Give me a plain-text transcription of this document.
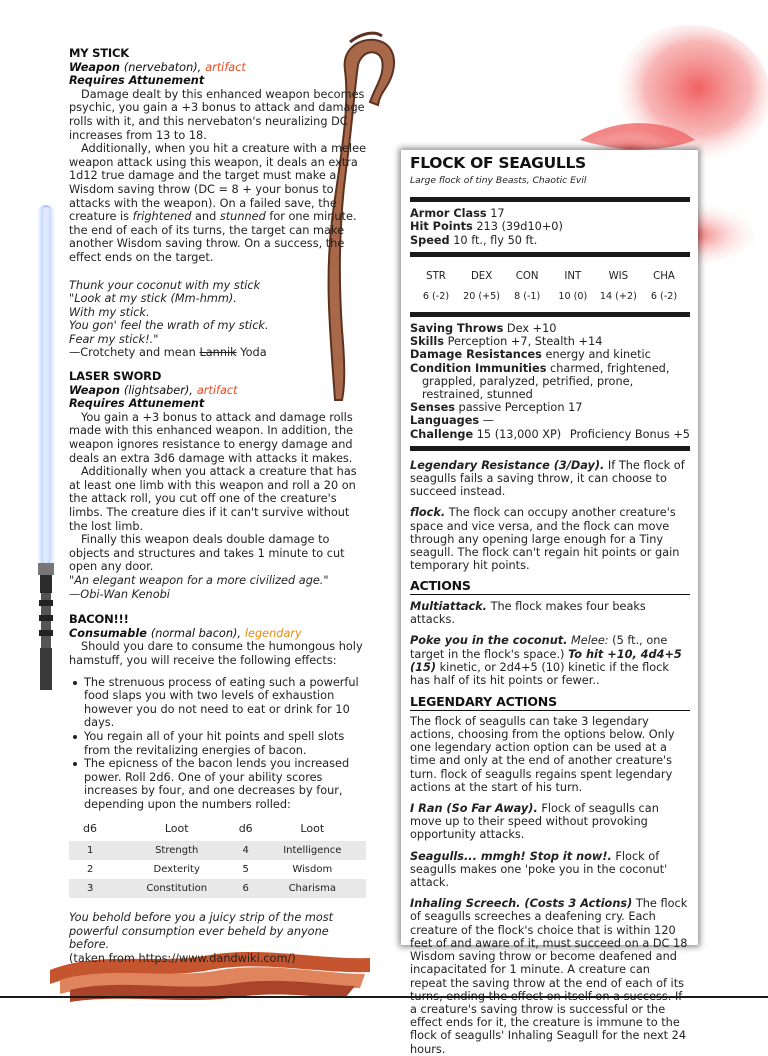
MY STICK
Weapon (nervebaton), artifact
Requires Attunement
Damage dealt by this enhanced weapon becomes psychic, you gain a +3 bonus to attack and damage rolls with it, and this nervebaton's neuralizing DC increases from 13 to 18.
Additionally, when you hit a creature with a melee weapon attack using this weapon, it deals an extra 1d12 true damage and the target must make a Wisdom saving throw (DC = 8 + your bonus to attacks with the weapon). On a failed save, the creature is frightened and stunned for one minute. the end of each of its turns, the target can make another Wisdom saving throw. On a success, the effect ends on the target.
Thunk your coconut with my stick
"Look at my stick (Mm-hmm).
With my stick.
You gon' feel the wrath of my stick.
Fear my stick!."
—Crotchety and mean Lannik Yoda
LASER SWORD
Weapon (lightsaber), artifact
Requires Attunement
You gain a +3 bonus to attack and damage rolls made with this enhanced weapon. In addition, the weapon ignores resistance to energy damage and deals an extra 3d6 damage with attacks it makes.
Additionally when you attack a creature that has at least one limb with this weapon and roll a 20 on the attack roll, you cut off one of the creature's limbs. The creature dies if it can't survive without the lost limb.
Finally this weapon deals double damage to objects and structures and takes 1 minute to cut open any door.
"An elegant weapon for a more civilized age."
—Obi-Wan Kenobi
BACON!!!
Consumable (normal bacon), legendary
Should you dare to consume the humongous holy hamstuff, you will receive the following effects:
The strenuous process of eating such a powerful food slaps you with two levels of exhaustion however you do not need to eat or drink for 10 days.
You regain all of your hit points and spell slots from the revitalizing energies of bacon.
The epicness of the bacon lends you increased power. Roll 2d6. One of your ability scores increases by four, and one decreases by four, depending upon the numbers rolled:
d6	Loot	d6	Loot
1	Strength	4	Intelligence
2	Dexterity	5	Wisdom
3	Constitution	6	Charisma
You behold before you a juicy strip of the most powerful consumption ever beheld by anyone before.
(taken from https://www.dandwiki.com/)
FLOCK OF SEAGULLS
Large flock of tiny Beasts, Chaotic Evil
Armor Class 17
Hit Points 213 (39d10+0)
Speed 10 ft., fly 50 ft.
STR	DEX	CON	INT	WIS	CHA
6 (-2)	20 (+5)	8 (-1)	10 (0)	14 (+2)	6 (-2)
Saving Throws Dex +10
Skills Perception +7, Stealth +14
Damage Resistances energy and kinetic
Condition Immunities charmed, frightened, grappled, paralyzed, petrified, prone, restrained, stunned
Senses passive Perception 17
Languages —
Challenge 15 (13,000 XP) Proficiency Bonus +5
Legendary Resistance (3/Day). If The flock of seagulls fails a saving throw, it can choose to succeed instead.
flock. The flock can occupy another creature's space and vice versa, and the flock can move through any opening large enough for a Tiny seagull. The flock can't regain hit points or gain temporary hit points.
ACTIONS
Multiattack. The flock makes four beaks attacks.
Poke you in the coconut. Melee: (5 ft., one target in the flock's space.) To hit +10, 4d4+5 (15) kinetic, or 2d4+5 (10) kinetic if the flock has half of its hit points or fewer..
LEGENDARY ACTIONS
The flock of seagulls can take 3 legendary actions, choosing from the options below. Only one legendary action option can be used at a time and only at the end of another creature's turn. flock of seagulls regains spent legendary actions at the start of his turn.
I Ran (So Far Away). Flock of seagulls can move up to their speed without provoking opportunity attacks.
Seagulls... mmgh! Stop it now!. Flock of seagulls makes one 'poke you in the coconut' attack.
Inhaling Screech. (Costs 3 Actions) The flock of seagulls screeches a deafening cry. Each creature of the flock's choice that is within 120 feet of and aware of it, must succeed on a DC 18 Wisdom saving throw or become deafened and incapacitated for 1 minute. A creature can repeat the saving throw at the end of each of its a creature's saving throw is successful or the effect ends for it, the creature is immune to the flock of seagulls' Inhaling Seagull for the next 24 hours.
